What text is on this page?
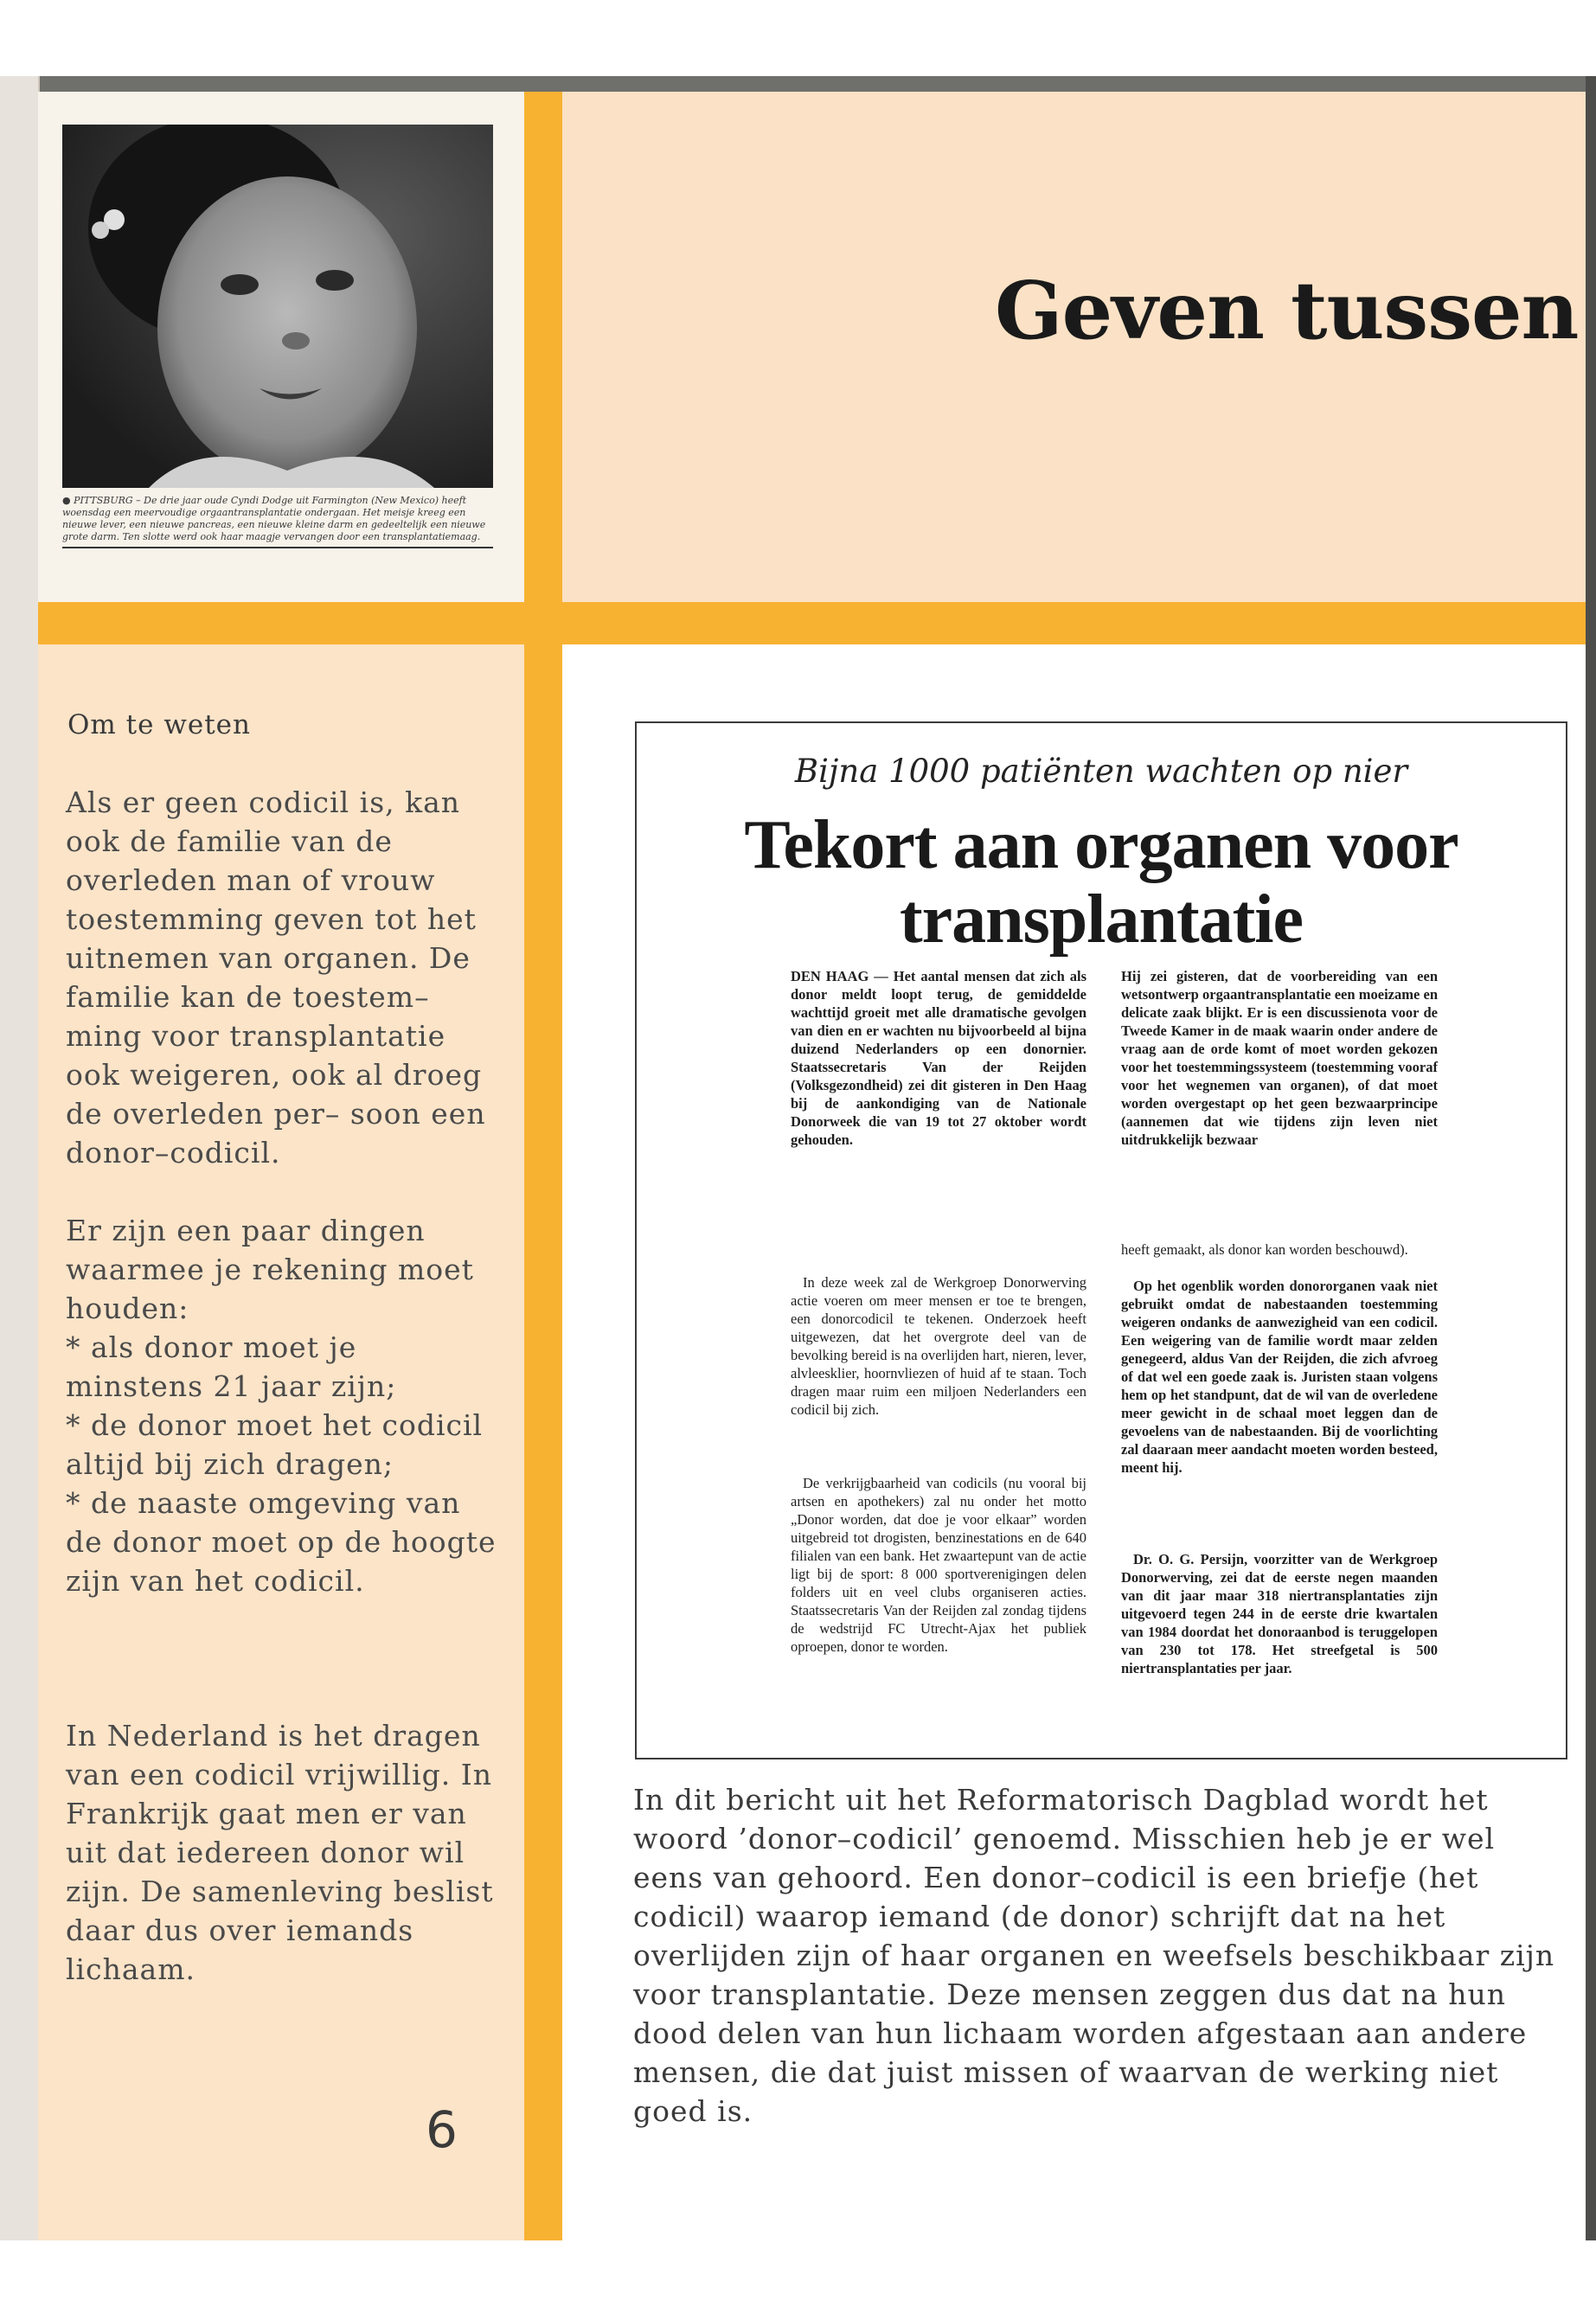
● PITTSBURG – De drie jaar oude Cyndi Dodge uit Farmington (New Mexico) heeft woensdag een meervoudige orgaantransplantatie ondergaan. Het meisje kreeg een nieuwe lever, een nieuwe pancreas, een nieuwe kleine darm en gedeeltelijk een nieuwe grote darm. Ten slotte werd ook haar maagje vervangen door een transplantatiemaag.
Geven tussen
Om te weten

Als er geen codicil is, kan ook de familie van de overleden man of vrouw toestemming geven tot het uitnemen van organen. De familie kan de toestem– ming voor transplantatie ook weigeren, ook al droeg de overleden per– soon een donor–codicil.

Er zijn een paar dingen waarmee je rekening moet houden:
* als donor moet je minstens 21 jaar zijn;
* de donor moet het codicil altijd bij zich dragen;
* de naaste omgeving van de donor moet op de hoogte zijn van het codicil.

In Nederland is het dragen van een codicil vrijwillig. In Frankrijk gaat men er van uit dat iedereen donor wil zijn. De samenleving beslist daar dus over iemands lichaam.

6
Bijna 1000 patiënten wachten op nier
Tekort aan organen voor transplantatie

DEN HAAG — Het aantal mensen dat zich als donor meldt loopt terug, de gemiddelde wachttijd groeit met alle dramatische gevolgen van dien en er wachten nu bijvoorbeeld al bijna duizend Nederlanders op een donornier. Staatssecretaris Van der Reijden (Volksgezondheid) zei dit gisteren in Den Haag bij de aankondiging van de Nationale Donorweek die van 19 tot 27 oktober wordt gehouden.

In deze week zal de Werkgroep Donorwerving actie voeren om meer mensen er toe te brengen, een donorcodicil te tekenen. Onderzoek heeft uitgewezen, dat het overgrote deel van de bevolking bereid is na overlijden hart, nieren, lever, alvleesklier, hoornvliezen of huid af te staan. Toch dragen maar ruim een miljoen Nederlanders een codicil bij zich.

De verkrijgbaarheid van codicils (nu vooral bij artsen en apothekers) zal nu onder het motto „Donor worden, dat doe je voor elkaar” worden uitgebreid tot drogisten, benzinestations en de 640 filialen van een bank. Het zwaartepunt van de actie ligt bij de sport: 8 000 sportverenigingen delen folders uit en veel clubs organiseren acties. Staatssecretaris Van der Reijden zal zondag tijdens de wedstrijd FC Utrecht-Ajax het publiek oproepen, donor te worden.

Hij zei gisteren, dat de voorbereiding van een wetsontwerp orgaantransplantatie een moeizame en delicate zaak blijkt. Er is een discussienota voor de Tweede Kamer in de maak waarin onder andere de vraag aan de orde komt of moet worden gekozen voor het toestemmingssysteem (toestemming vooraf voor het wegnemen van organen), of dat moet worden overgestapt op het geen bezwaarprincipe (aannemen dat wie tijdens zijn leven niet uitdrukkelijk bezwaar

heeft gemaakt, als donor kan worden beschouwd).

Op het ogenblik worden donororganen vaak niet gebruikt omdat de nabestaanden toestemming weigeren ondanks de aanwezigheid van een codicil. Een weigering van de familie wordt maar zelden genegeerd, aldus Van der Reijden, die zich afvroeg of dat wel een goede zaak is. Juristen staan volgens hem op het standpunt, dat de wil van de overledene meer gewicht in de schaal moet leggen dan de gevoelens van de nabestaanden. Bij de voorlichting zal daaraan meer aandacht moeten worden besteed, meent hij.

Dr. O. G. Persijn, voorzitter van de Werkgroep Donorwerving, zei dat de eerste negen maanden van dit jaar maar 318 niertransplantaties zijn uitgevoerd tegen 244 in de eerste drie kwartalen van 1984 doordat het donoraanbod is teruggelopen van 230 tot 178. Het streefgetal is 500 niertransplantaties per jaar.

In dit bericht uit het Reformatorisch Dagblad wordt het woord ’donor–codicil’ genoemd. Misschien heb je er wel eens van gehoord. Een donor–codicil is een briefje (het codicil) waarop iemand (de donor) schrijft dat na het overlijden zijn of haar organen en weefsels beschikbaar zijn voor transplantatie. Deze mensen zeggen dus dat na hun dood delen van hun lichaam worden afgestaan aan andere mensen, die dat juist missen of waarvan de werking niet goed is.
